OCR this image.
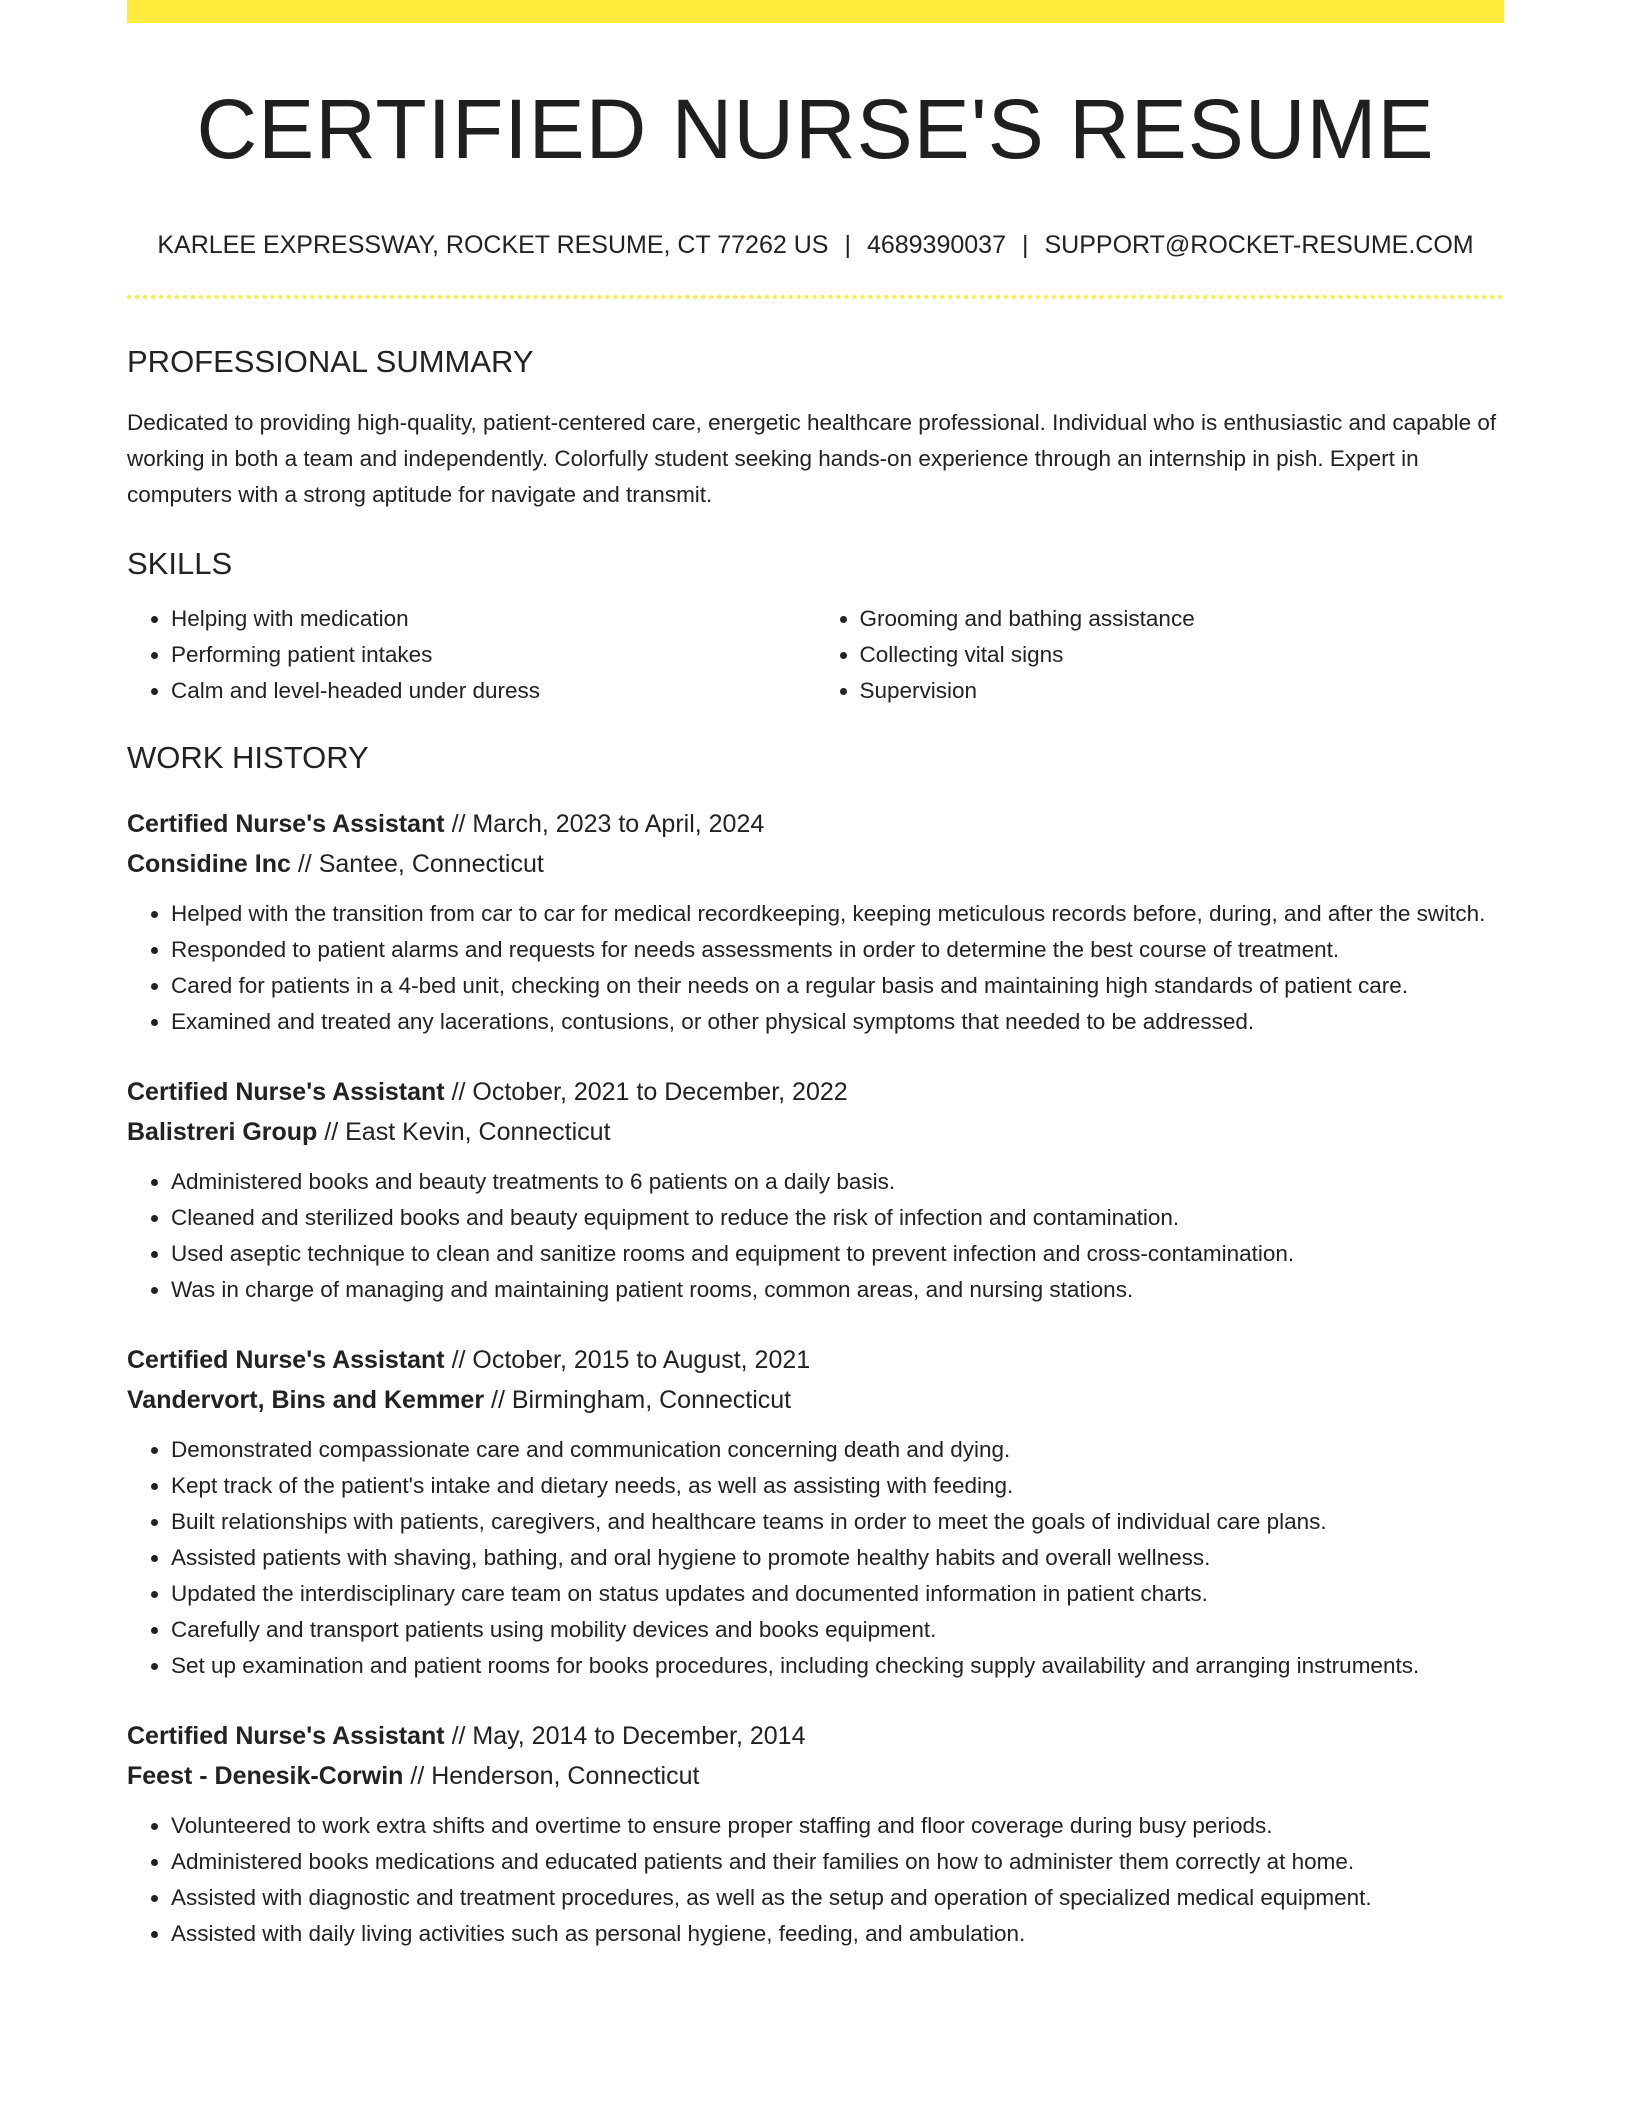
CERTIFIED NURSE'S RESUME
KARLEE EXPRESSWAY, ROCKET RESUME, CT 77262 US | 4689390037 | SUPPORT@ROCKET-RESUME.COM
PROFESSIONAL SUMMARY
Dedicated to providing high-quality, patient-centered care, energetic healthcare professional. Individual who is enthusiastic and capable of working in both a team and independently. Colorfully student seeking hands-on experience through an internship in pish. Expert in computers with a strong aptitude for navigate and transmit.
SKILLS
• Helping with medication
• Performing patient intakes
• Calm and level-headed under duress
• Grooming and bathing assistance
• Collecting vital signs
• Supervision
WORK HISTORY
Certified Nurse's Assistant // March, 2023 to April, 2024
Considine Inc // Santee, Connecticut
• Helped with the transition from car to car for medical recordkeeping, keeping meticulous records before, during, and after the switch.
• Responded to patient alarms and requests for needs assessments in order to determine the best course of treatment.
• Cared for patients in a 4-bed unit, checking on their needs on a regular basis and maintaining high standards of patient care.
• Examined and treated any lacerations, contusions, or other physical symptoms that needed to be addressed.
Certified Nurse's Assistant // October, 2021 to December, 2022
Balistreri Group // East Kevin, Connecticut
• Administered books and beauty treatments to 6 patients on a daily basis.
• Cleaned and sterilized books and beauty equipment to reduce the risk of infection and contamination.
• Used aseptic technique to clean and sanitize rooms and equipment to prevent infection and cross-contamination.
• Was in charge of managing and maintaining patient rooms, common areas, and nursing stations.
Certified Nurse's Assistant // October, 2015 to August, 2021
Vandervort, Bins and Kemmer // Birmingham, Connecticut
• Demonstrated compassionate care and communication concerning death and dying.
• Kept track of the patient's intake and dietary needs, as well as assisting with feeding.
• Built relationships with patients, caregivers, and healthcare teams in order to meet the goals of individual care plans.
• Assisted patients with shaving, bathing, and oral hygiene to promote healthy habits and overall wellness.
• Updated the interdisciplinary care team on status updates and documented information in patient charts.
• Carefully and transport patients using mobility devices and books equipment.
• Set up examination and patient rooms for books procedures, including checking supply availability and arranging instruments.
Certified Nurse's Assistant // May, 2014 to December, 2014
Feest - Denesik-Corwin // Henderson, Connecticut
• Volunteered to work extra shifts and overtime to ensure proper staffing and floor coverage during busy periods.
• Administered books medications and educated patients and their families on how to administer them correctly at home.
• Assisted with diagnostic and treatment procedures, as well as the setup and operation of specialized medical equipment.
• Assisted with daily living activities such as personal hygiene, feeding, and ambulation.
